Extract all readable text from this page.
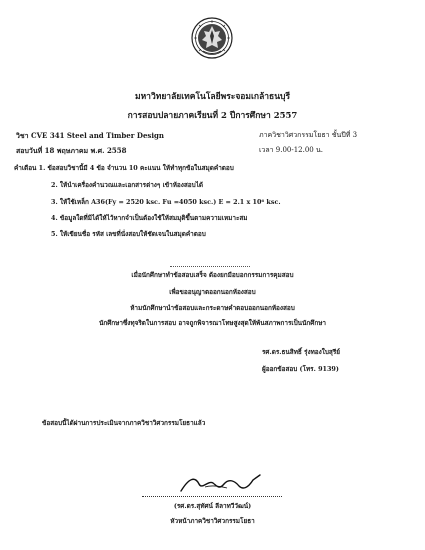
มหาวิทยาลัยเทคโนโลยีพระจอมเกล้าธนบุรี
การสอบปลายภาคเรียนที่ 2 ปีการศึกษา 2557
วิชา CVE 341 Steel and Timber Design	ภาควิชาวิศวกรรมโยธา ชั้นปีที่ 3
สอบวันที่ 18 พฤษภาคม พ.ศ. 2558	เวลา 9.00-12.00 น.
คำเตือน 1. ข้อสอบวิชานี้มี 4 ข้อ จำนวน 10 คะแนน ให้ทำทุกข้อในสมุดคำตอบ
2. ให้นำเครื่องคำนวณและเอกสารต่างๆ เข้าห้องสอบได้
3. ให้ใช้เหล็ก A36(Fy = 2520 ksc. Fu =4050 ksc.) E = 2.1 x 10⁶ ksc.
4. ข้อมูลใดที่มิได้ให้ไว้หากจำเป็นต้องใช้ให้สมมุติขึ้นตามความเหมาะสม
5. ให้เขียนชื่อ รหัส เลขที่นั่งสอบให้ชัดเจนในสมุดคำตอบ
เมื่อนักศึกษาทำข้อสอบเสร็จ ต้องยกมือบอกกรรมการคุมสอบ
เพื่อขออนุญาตออกนอกห้องสอบ
ห้ามนักศึกษานำข้อสอบและกระดาษคำตอบออกนอกห้องสอบ
นักศึกษาซึ่งทุจริตในการสอบ อาจถูกพิจารณาโทษสูงสุดให้พ้นสภาพการเป็นนักศึกษา
รศ.ดร.ธนสิทธิ์ รุ่งทองใบสุรีย์
ผู้ออกข้อสอบ (โทร. 9139)
ข้อสอบนี้ได้ผ่านการประเมินจากภาควิชาวิศวกรรมโยธาแล้ว
(รศ.ดร.สุทัศน์ ลีลาทวีวัฒน์)
หัวหน้าภาควิชาวิศวกรรมโยธา
